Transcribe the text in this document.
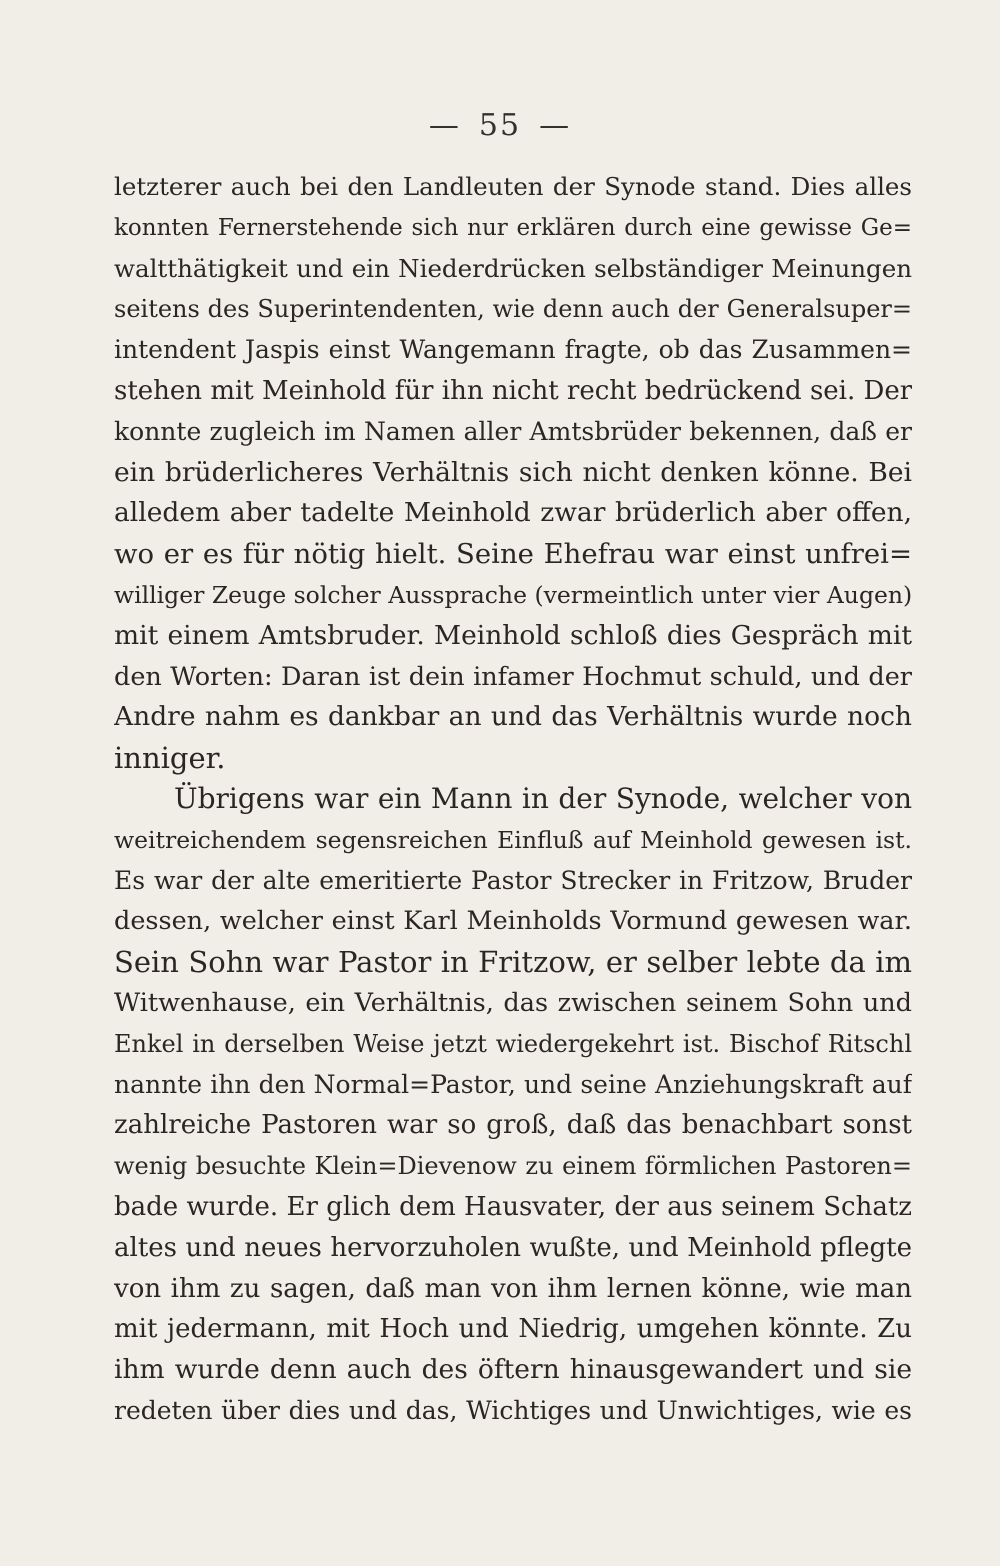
— 55 —
letzterer auch bei den Landleuten der Synode stand. Dies alles
konnten Fernerstehende sich nur erklären durch eine gewisse Ge=
waltthätigkeit und ein Niederdrücken selbständiger Meinungen
seitens des Superintendenten, wie denn auch der Generalsuper=
intendent Jaspis einst Wangemann fragte, ob das Zusammen=
stehen mit Meinhold für ihn nicht recht bedrückend sei. Der
konnte zugleich im Namen aller Amtsbrüder bekennen, daß er
ein brüderlicheres Verhältnis sich nicht denken könne. Bei
alledem aber tadelte Meinhold zwar brüderlich aber offen,
wo er es für nötig hielt. Seine Ehefrau war einst unfrei=
williger Zeuge solcher Aussprache (vermeintlich unter vier Augen)
mit einem Amtsbruder. Meinhold schloß dies Gespräch mit
den Worten: Daran ist dein infamer Hochmut schuld, und der
Andre nahm es dankbar an und das Verhältnis wurde noch
inniger.
Übrigens war ein Mann in der Synode, welcher von
weitreichendem segensreichen Einfluß auf Meinhold gewesen ist.
Es war der alte emeritierte Pastor Strecker in Fritzow, Bruder
dessen, welcher einst Karl Meinholds Vormund gewesen war.
Sein Sohn war Pastor in Fritzow, er selber lebte da im
Witwenhause, ein Verhältnis, das zwischen seinem Sohn und
Enkel in derselben Weise jetzt wiedergekehrt ist. Bischof Ritschl
nannte ihn den Normal=Pastor, und seine Anziehungskraft auf
zahlreiche Pastoren war so groß, daß das benachbart sonst
wenig besuchte Klein=Dievenow zu einem förmlichen Pastoren=
bade wurde. Er glich dem Hausvater, der aus seinem Schatz
altes und neues hervorzuholen wußte, und Meinhold pflegte
von ihm zu sagen, daß man von ihm lernen könne, wie man
mit jedermann, mit Hoch und Niedrig, umgehen könnte. Zu
ihm wurde denn auch des öftern hinausgewandert und sie
redeten über dies und das, Wichtiges und Unwichtiges, wie es
